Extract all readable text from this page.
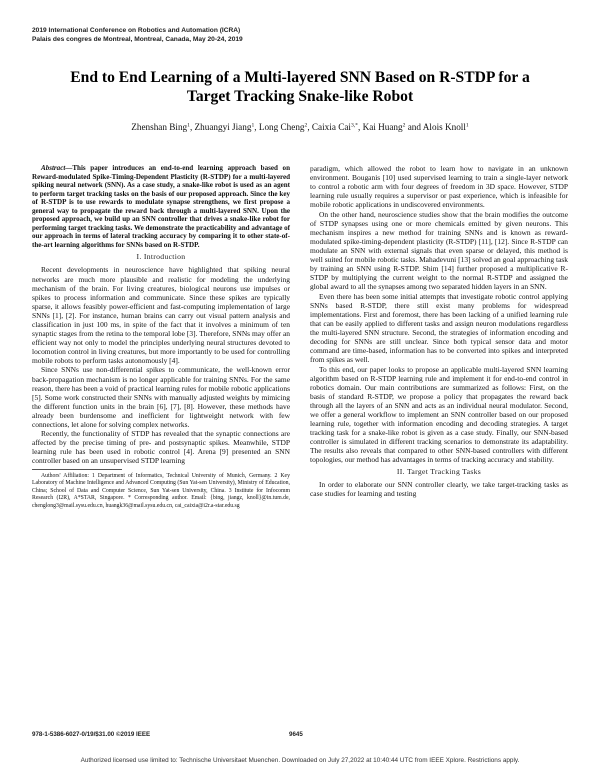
2019 International Conference on Robotics and Automation (ICRA)
Palais des congres de Montreal, Montreal, Canada, May 20-24, 2019
End to End Learning of a Multi-layered SNN Based on R-STDP for a
Target Tracking Snake-like Robot
Zhenshan Bing$^1$, Zhuangyi Jiang$^1$, Long Cheng$^2$, Caixia Cai$^{3,*}$, Kai Huang$^2$ and Alois Knoll$^1$
Abstract—This paper introduces an end-to-end learning approach based on Reward-modulated Spike-Timing-Dependent Plasticity (R-STDP) for a multi-layered spiking neural network (SNN). As a case study, a snake-like robot is used as an agent to perform target tracking tasks on the basis of our proposed approach. Since the key of R-STDP is to use rewards to modulate synapse strengthens, we first propose a general way to propagate the reward back through a multi-layered SNN. Upon the proposed approach, we build up an SNN controller that drives a snake-like robot for performing target tracking tasks. We demonstrate the practicability and advantage of our approach in terms of lateral tracking accuracy by comparing it to other state-of-the-art learning algorithms for SNNs based on R-STDP.
I. Introduction
Recent developments in neuroscience have highlighted that spiking neural networks are much more plausible and realistic for modeling the underlying mechanism of the brain. For living creatures, biological neurons use impulses or spikes to process information and communicate. Since these spikes are typically sparse, it allows feasibly power-efficient and fast-computing implementation of large SNNs [1], [2]. For instance, human brains can carry out visual pattern analysis and classification in just 100 ms, in spite of the fact that it involves a minimum of ten synaptic stages from the retina to the temporal lobe [3]. Therefore, SNNs may offer an efficient way not only to model the principles underlying neural structures devoted to locomotion control in living creatures, but more importantly to be used for controlling mobile robots to perform tasks autonomously [4].
Since SNNs use non-differential spikes to communicate, the well-known error back-propagation mechanism is no longer applicable for training SNNs. For the same reason, there has been a void of practical learning rules for mobile robotic applications [5]. Some work constructed their SNNs with manually adjusted weights by mimicing the different function units in the brain [6], [7], [8]. However, these methods have already been burdensome and inefficient for lightweight network with few connections, let alone for solving complex networks.
Recently, the functionality of STDP has revealed that the synaptic connections are affected by the precise timing of pre- and postsynaptic spikes. Meanwhile, STDP learning rule has been used in robotic control [4]. Arena [9] presented an SNN controller based on an unsupervised STDP learning
Authors' Affiliation: 1 Department of Informatics, Technical University of Munich, Germany. 2 Key Laboratory of Machine Intelligence and Advanced Computing (Sun Yat-sen University), Ministry of Education, China; School of Data and Computer Science, Sun Yat-sen University, China. 3 Institute for Infocomm Research (I2R), A*STAR, Singapore. * Corresponding author. Email: {bing, jiangz, knoll}@in.tum.de, chenglong3@mail.sysu.edu.cn, huangk36@mail.sysu.edu.cn, cai_caixia@i2r.a-star.edu.sg
paradigm, which allowed the robot to learn how to navigate in an unknown environment. Bouganis [10] used supervised learning to train a single-layer network to control a robotic arm with four degrees of freedom in 3D space. However, STDP learning rule usually requires a supervisor or past experience, which is infeasible for mobile robotic applications in undiscovered environments.
On the other hand, neuroscience studies show that the brain modifies the outcome of STDP synapses using one or more chemicals emitted by given neurons. This mechanism inspires a new method for training SNNs and is known as reward-modulated spike-timing-dependent plasticity (R-STDP) [11], [12]. Since R-STDP can modulate an SNN with external signals that even sparse or delayed, this method is well suited for mobile robotic tasks. Mahadevuni [13] solved an goal approaching task by training an SNN using R-STDP. Shim [14] further proposed a multiplicative R-STDP by multiplying the current weight to the normal R-STDP and assigned the global award to all the synapses among two separated hidden layers in an SNN.
Even there has been some initial attempts that investigate robotic control applying SNNs based R-STDP, there still exist many problems for widespread implementations. First and foremost, there has been lacking of a unified learning rule that can be easily applied to different tasks and assign neuron modulations regardless the multi-layered SNN structure. Second, the strategies of information encoding and decoding for SNNs are still unclear. Since both typical sensor data and motor command are time-based, information has to be converted into spikes and interpreted from spikes as well.
To this end, our paper looks to propose an applicable multi-layered SNN learning algorithm based on R-STDP learning rule and implement it for end-to-end control in robotics domain. Our main contributions are summarized as follows: First, on the basis of standard R-STDP, we propose a policy that propagates the reward back through all the layers of an SNN and acts as an individual neural modulator. Second, we offer a general workflow to implement an SNN controller based on our proposed learning rule, together with information encoding and decoding strategies. A target tracking task for a snake-like robot is given as a case study. Finally, our SNN-based controller is simulated in different tracking scenarios to demonstrate its adaptability. The results also reveals that compared to other SNN-based controllers with different topologies, our method has advantages in terms of tracking accuracy and stability.
II. Target Tracking Tasks
In order to elaborate our SNN controller clearly, we take target-tracking tasks as case studies for learning and testing
978-1-5386-6027-0/19/$31.00 ©2019 IEEE	9645
Authorized licensed use limited to: Technische Universitaet Muenchen. Downloaded on July 27,2022 at 10:40:44 UTC from IEEE Xplore. Restrictions apply.
